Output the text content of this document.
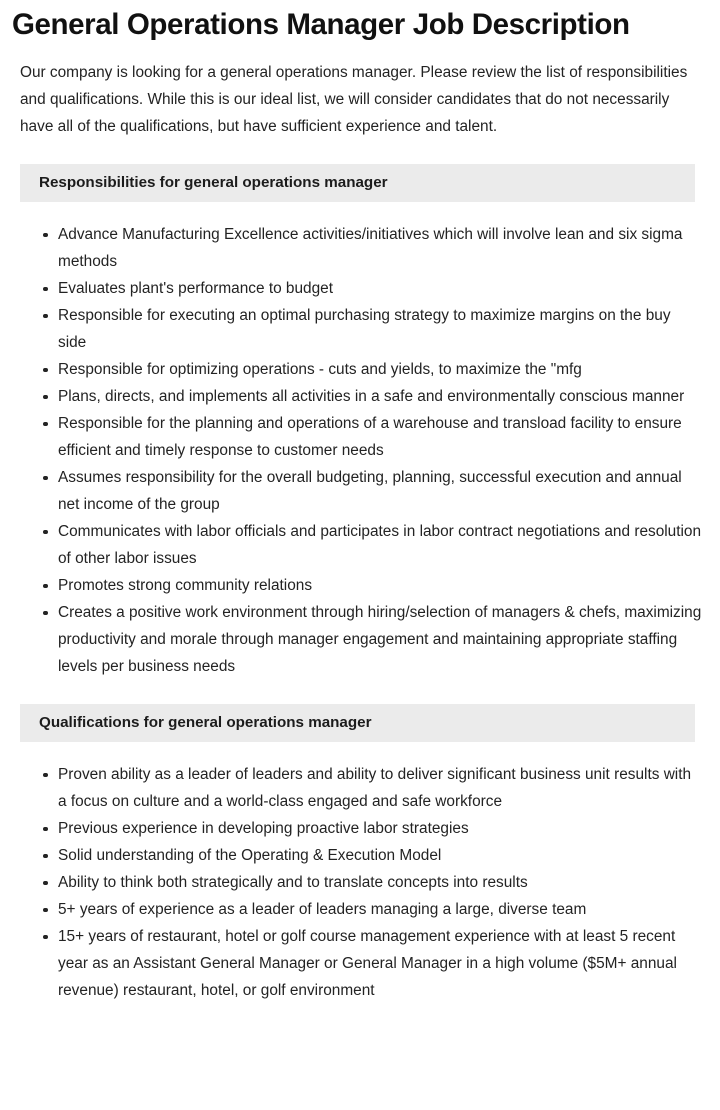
General Operations Manager Job Description

Our company is looking for a general operations manager. Please review the list of responsibilities and qualifications. While this is our ideal list, we will consider candidates that do not necessarily have all of the qualifications, but have sufficient experience and talent.

Responsibilities for general operations manager
Advance Manufacturing Excellence activities/initiatives which will involve lean and six sigma methods
Evaluates plant's performance to budget
Responsible for executing an optimal purchasing strategy to maximize margins on the buy side
Responsible for optimizing operations - cuts and yields, to maximize the "mfg
Plans, directs, and implements all activities in a safe and environmentally conscious manner
Responsible for the planning and operations of a warehouse and transload facility to ensure efficient and timely response to customer needs
Assumes responsibility for the overall budgeting, planning, successful execution and annual net income of the group
Communicates with labor officials and participates in labor contract negotiations and resolution of other labor issues
Promotes strong community relations
Creates a positive work environment through hiring/selection of managers & chefs, maximizing productivity and morale through manager engagement and maintaining appropriate staffing levels per business needs
Qualifications for general operations manager
Proven ability as a leader of leaders and ability to deliver significant business unit results with a focus on culture and a world-class engaged and safe workforce
Previous experience in developing proactive labor strategies
Solid understanding of the Operating & Execution Model
Ability to think both strategically and to translate concepts into results
5+ years of experience as a leader of leaders managing a large, diverse team
15+ years of restaurant, hotel or golf course management experience with at least 5 recent year as an Assistant General Manager or General Manager in a high volume ($5M+ annual revenue) restaurant, hotel, or golf environment
